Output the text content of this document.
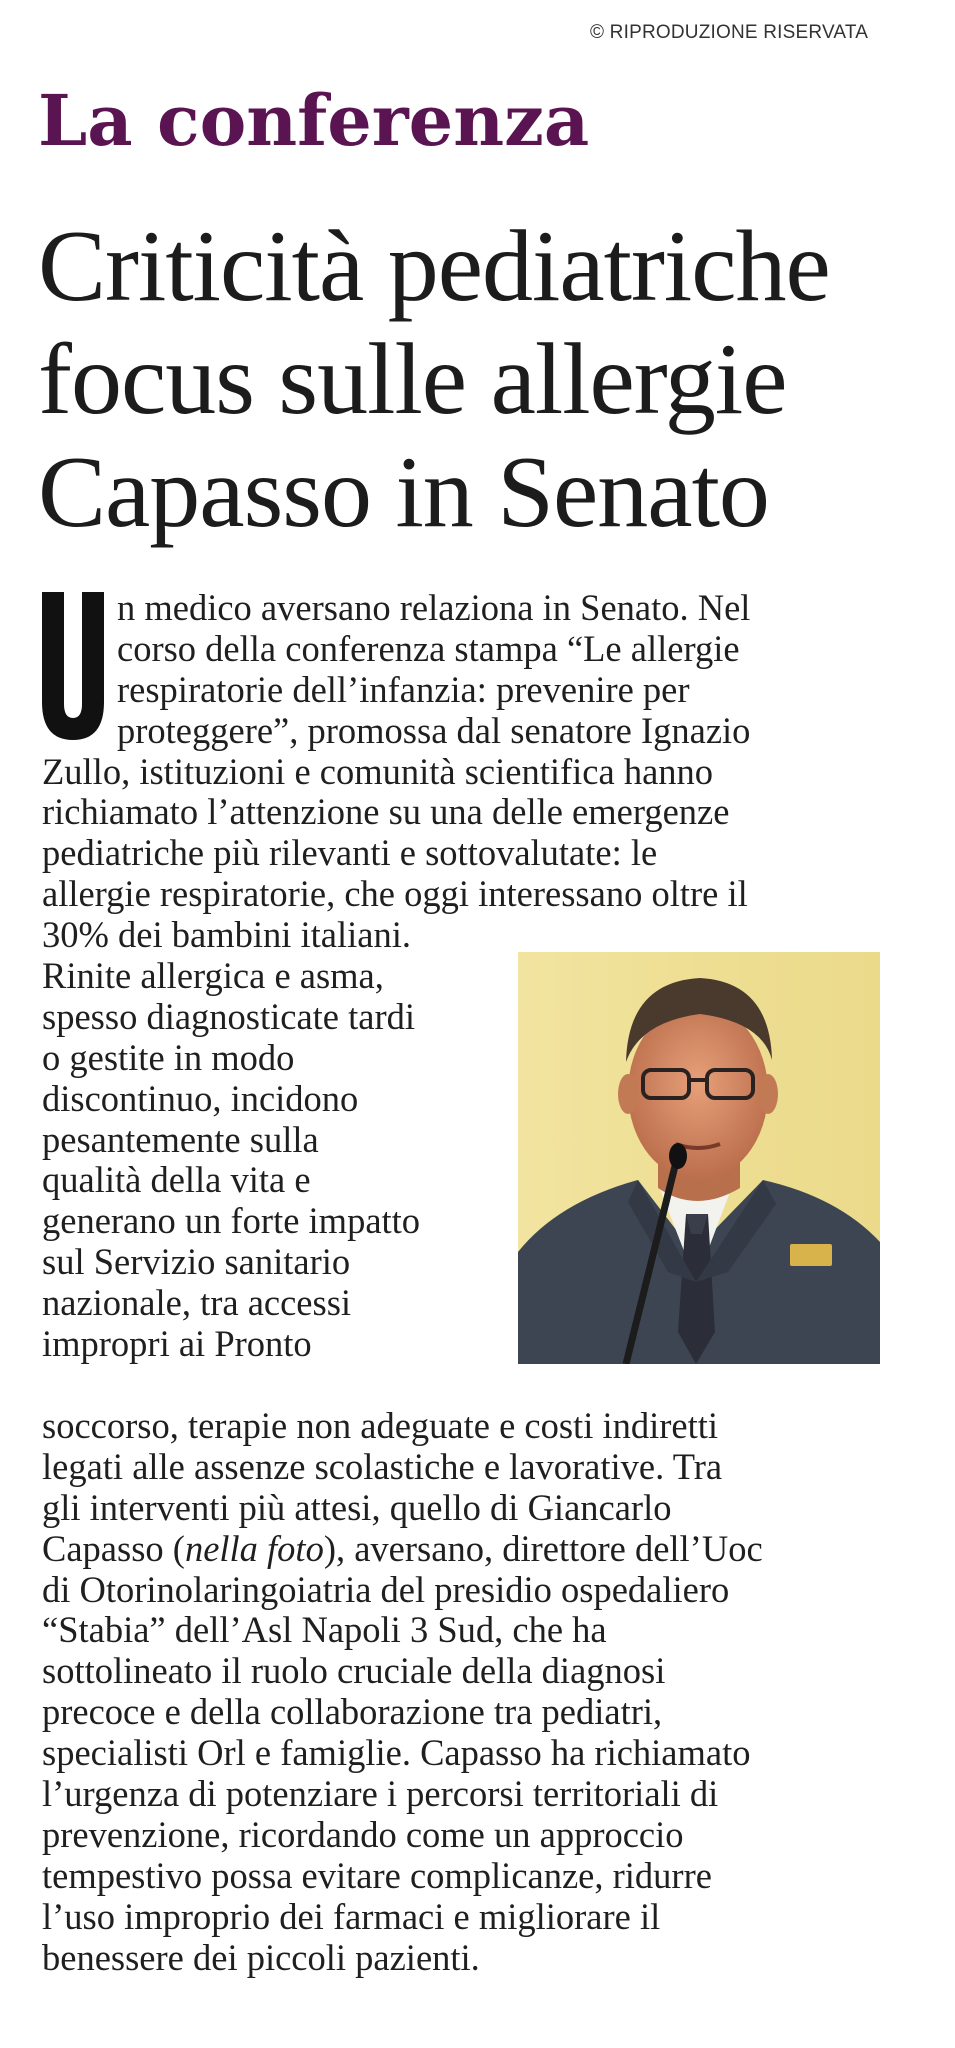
© RIPRODUZIONE RISERVATA
La conferenza
Criticità pediatriche
focus sulle allergie
Capasso in Senato
n medico aversano relaziona in Senato. Nel
corso della conferenza stampa “Le allergie
respiratorie dell’infanzia: prevenire per
proteggere”, promossa dal senatore Ignazio
Zullo, istituzioni e comunità scientifica hanno
richiamato l’attenzione su una delle emergenze
pediatriche più rilevanti e sottovalutate: le
allergie respiratorie, che oggi interessano oltre il
30% dei bambini italiani.
Rinite allergica e asma,
spesso diagnosticate tardi
o gestite in modo
discontinuo, incidono
pesantemente sulla
qualità della vita e
generano un forte impatto
sul Servizio sanitario
nazionale, tra accessi
impropri ai Pronto
soccorso, terapie non adeguate e costi indiretti
legati alle assenze scolastiche e lavorative. Tra
gli interventi più attesi, quello di Giancarlo
Capasso (nella foto), aversano, direttore dell’Uoc
di Otorinolaringoiatria del presidio ospedaliero
“Stabia” dell’Asl Napoli 3 Sud, che ha
sottolineato il ruolo cruciale della diagnosi
precoce e della collaborazione tra pediatri,
specialisti Orl e famiglie. Capasso ha richiamato
l’urgenza di potenziare i percorsi territoriali di
prevenzione, ricordando come un approccio
tempestivo possa evitare complicanze, ridurre
l’uso improprio dei farmaci e migliorare il
benessere dei piccoli pazienti.
